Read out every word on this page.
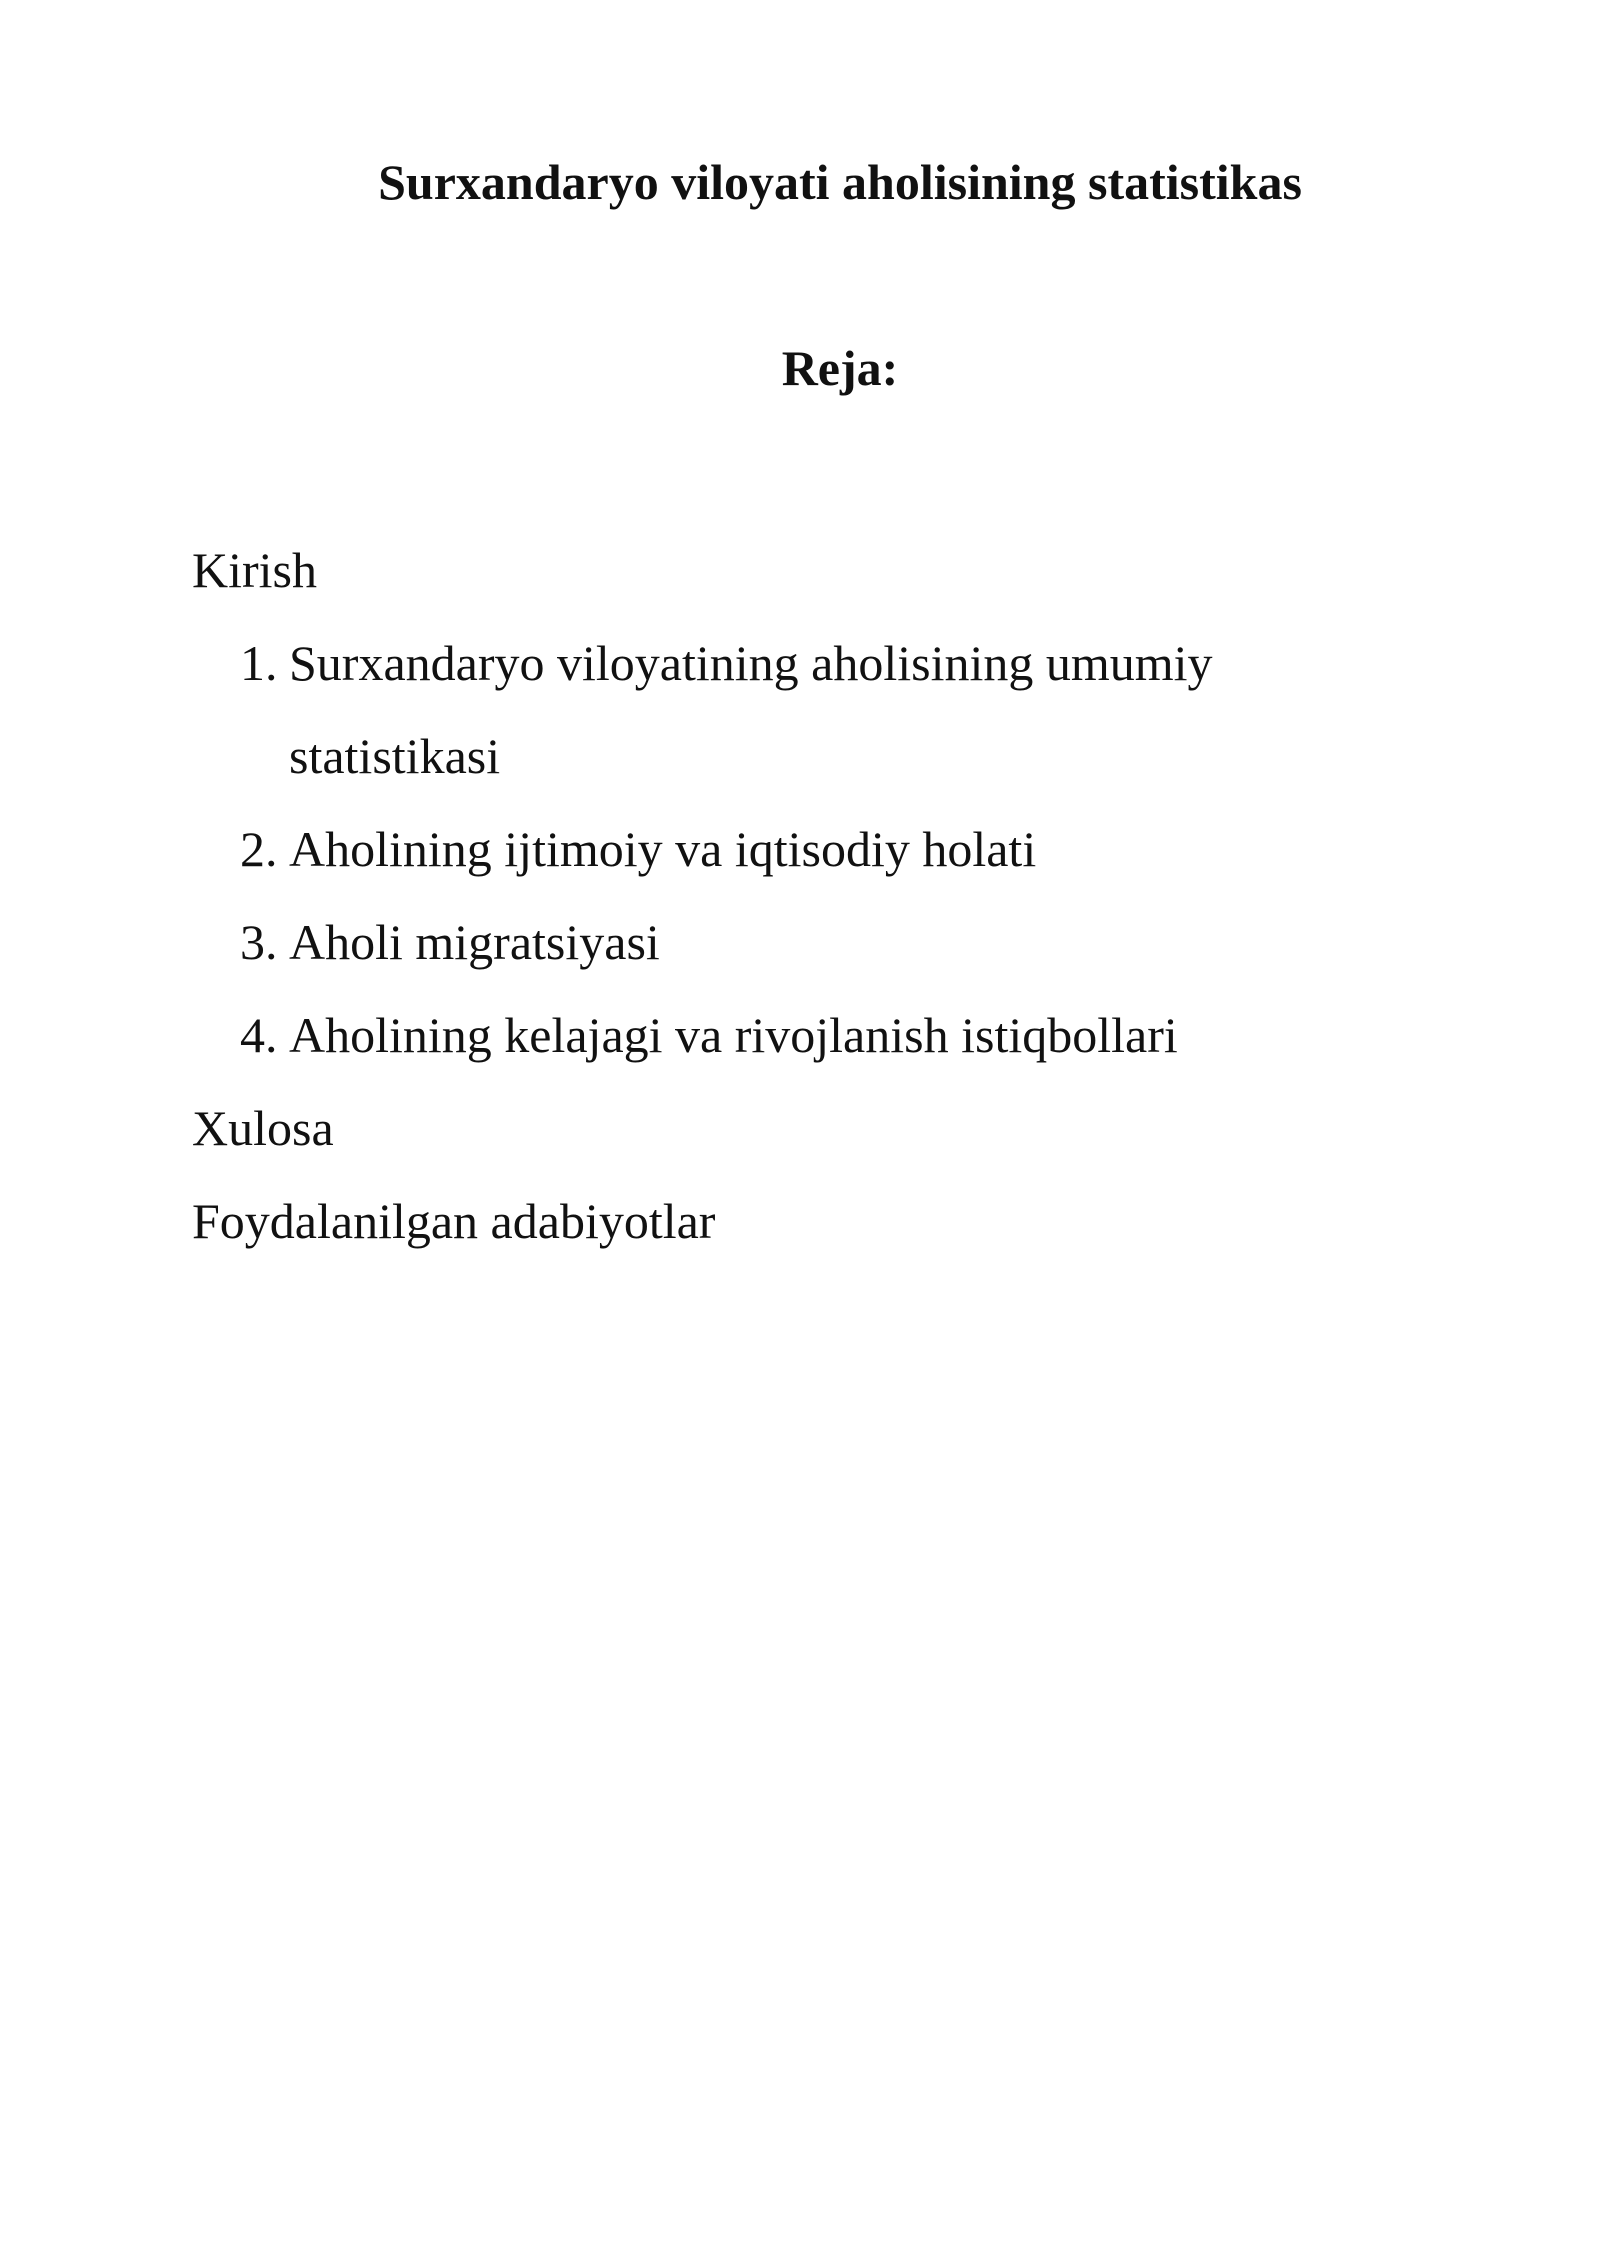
Surxandaryo viloyati aholisining statistikas
Reja:

Kirish

1. Surxandaryo viloyatining aholisining umumiy
statistikasi
2. Aholining ijtimoiy va iqtisodiy holati
3. Aholi migratsiyasi
4. Aholining kelajagi va rivojlanish istiqbollari

Xulosa

Foydalanilgan adabiyotlar
